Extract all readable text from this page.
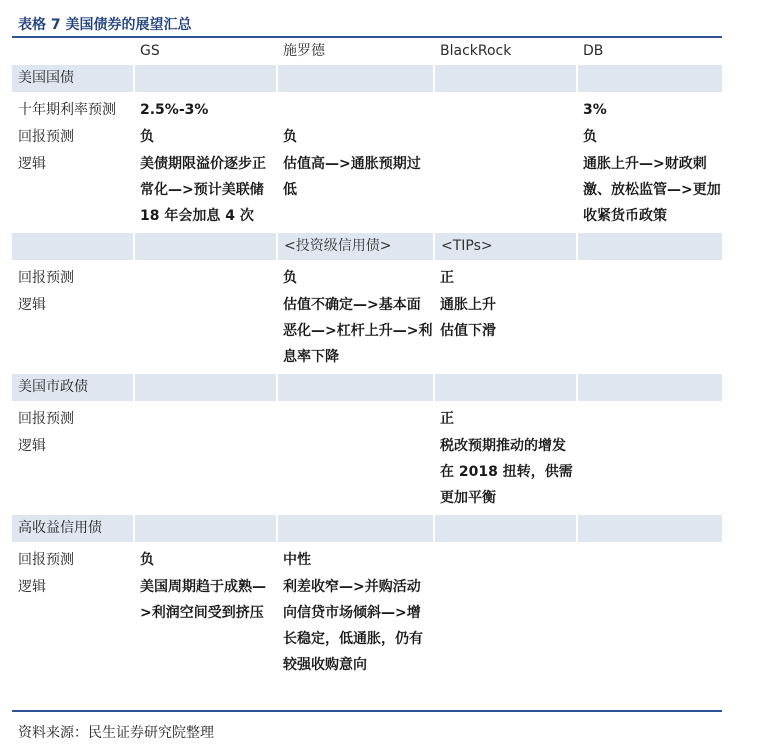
表格 7 美国债券的展望汇总
	GS	施罗德	BlackRock	DB
美国国债				

十年期利率预测	2.5%-3%			3%
回报预测	负	负		负
逻辑	美债期限溢价逐步正常化—>预计美联储 18 年会加息 4 次	估值高—>通胀预期过低		通胀上升—>财政刺激、放松监管—>更加收紧货币政策

		<投资级信用债>	<TIPs>	

回报预测		负	正	
逻辑		估值不确定—>基本面恶化—>杠杆上升—>利息率下降	通胀上升
估值下滑	

美国市政债				

回报预测			正	
逻辑			税改预期推动的增发在 2018 扭转，供需更加平衡	

高收益信用债				

回报预测	负	中性		
逻辑	美国周期趋于成熟—>利润空间受到挤压	利差收窄—>并购活动向信贷市场倾斜—>增长稳定，低通胀，仍有较强收购意向		
资料来源：民生证券研究院整理
